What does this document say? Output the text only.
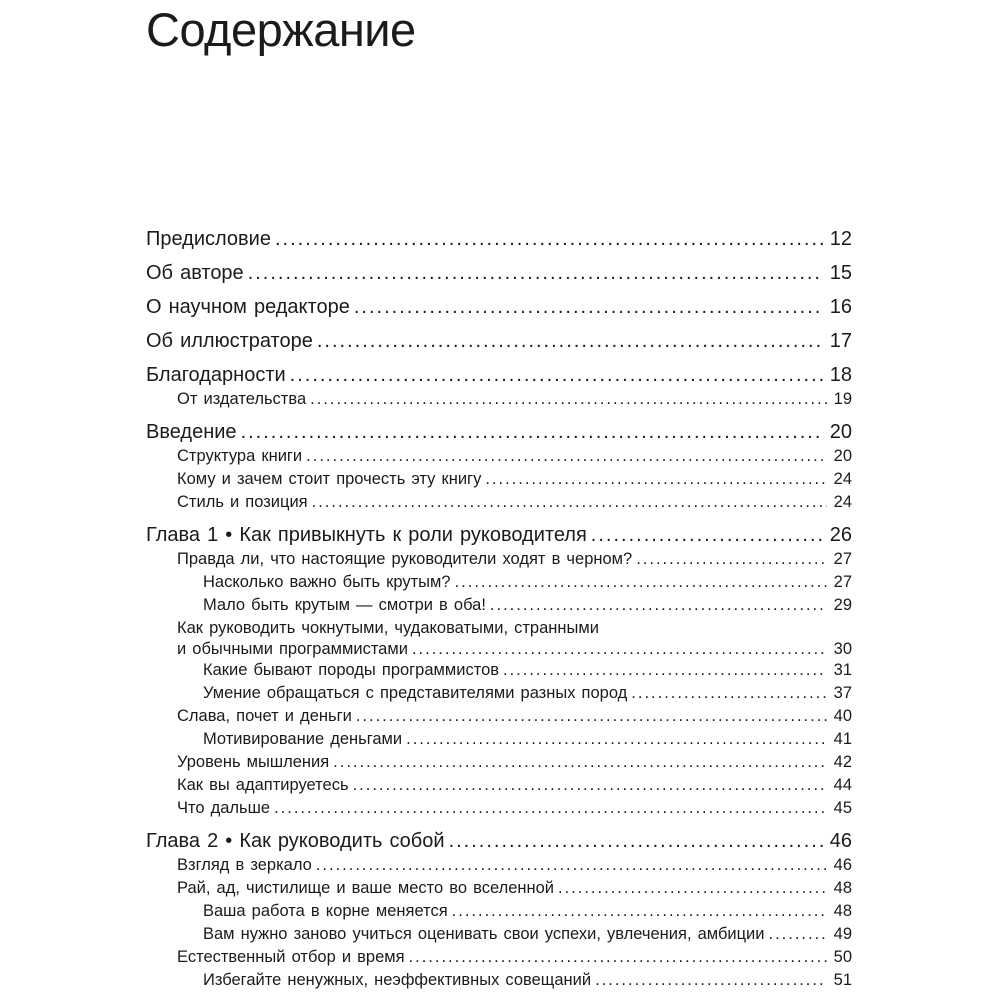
Содержание
Предисловие .....	12
Об авторе .....	15
О научном редакторе .....	16
Об иллюстраторе .....	17
Благодарности .....	18
От издательства .....	19
Введение .....	20
Структура книги .....	20
Кому и зачем стоит прочесть эту книгу .....	24
Стиль и позиция .....	24
Глава 1 • Как привыкнуть к роли руководителя .....	26
Правда ли, что настоящие руководители ходят в черном? .....	27
Насколько важно быть крутым? .....	27
Мало быть крутым — смотри в оба! .....	29
Как руководить чокнутыми, чудаковатыми, странными
и обычными программистами .....	30
Какие бывают породы программистов .....	31
Умение обращаться с представителями разных пород .....	37
Слава, почет и деньги .....	40
Мотивирование деньгами .....	41
Уровень мышления .....	42
Как вы адаптируетесь .....	44
Что дальше .....	45
Глава 2 • Как руководить собой .....	46
Взгляд в зеркало .....	46
Рай, ад, чистилище и ваше место во вселенной .....	48
Ваша работа в корне меняется .....	48
Вам нужно заново учиться оценивать свои успехи, увлечения, амбиции .....	49
Естественный отбор и время .....	50
Избегайте ненужных, неэффективных совещаний .....	51
